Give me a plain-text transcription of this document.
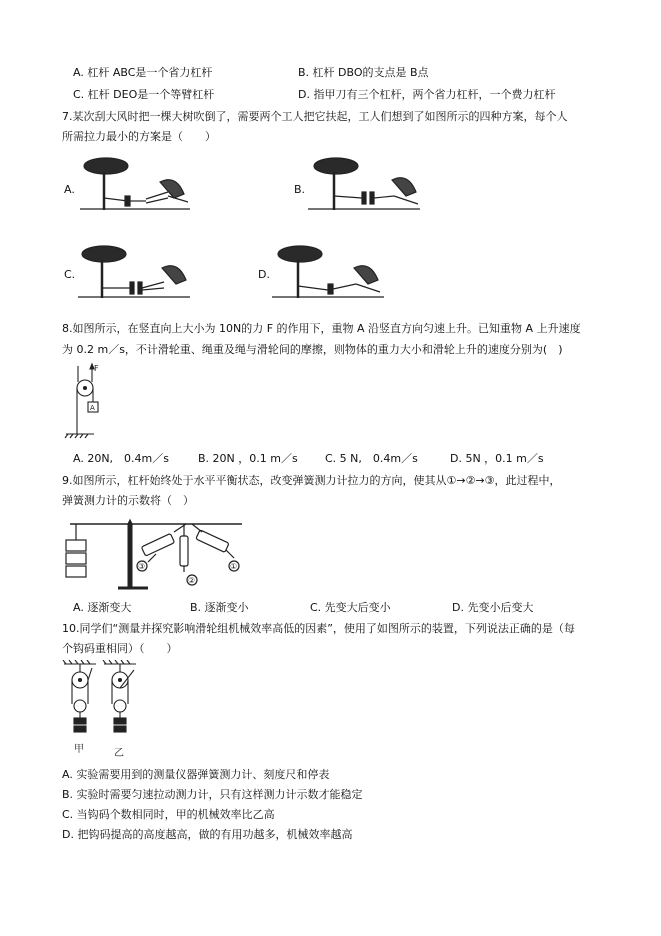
A. 杠杆 ABC是一个省力杠杆	B. 杠杆 DBO的支点是 B点
C. 杠杆 DEO是一个等臂杠杆	D. 指甲刀有三个杠杆，两个省力杠杆，一个费力杠杆
7.某次刮大风时把一棵大树吹倒了，需要两个工人把它扶起，工人们想到了如图所示的四种方案，每个人
所需拉力最小的方案是（　　）
A.	B.
C.	D.
8.如图所示，在竖直向上大小为 10N的力 F 的作用下，重物 A 沿竖直方向匀速上升。已知重物 A 上升速度
为 0.2 m／s，不计滑轮重、绳重及绳与滑轮间的摩擦，则物体的重力大小和滑轮上升的速度分别为(　)
F
A
A. 20N,　0.4m／s	B. 20N ，0.1 m／s C. 5 N,　0.4m／s	D. 5N ，0.1 m／s
9.如图所示，杠杆始终处于水平平衡状态，改变弹簧测力计拉力的方向，使其从①→②→③，此过程中，
弹簧测力计的示数将（　）
③
②
①
A. 逐渐变大	B. 逐渐变小	C. 先变大后变小	D. 先变小后变大
10.同学们“测量并探究影响滑轮组机械效率高低的因素”，使用了如图所示的装置，下列说法正确的是（每
个钩码重相同）（　　）
甲	乙
A. 实验需要用到的测量仪器弹簧测力计、刻度尺和停表
B. 实验时需要匀速拉动测力计，只有这样测力计示数才能稳定
C. 当钩码个数相同时，甲的机械效率比乙高
D. 把钩码提高的高度越高，做的有用功越多，机械效率越高
